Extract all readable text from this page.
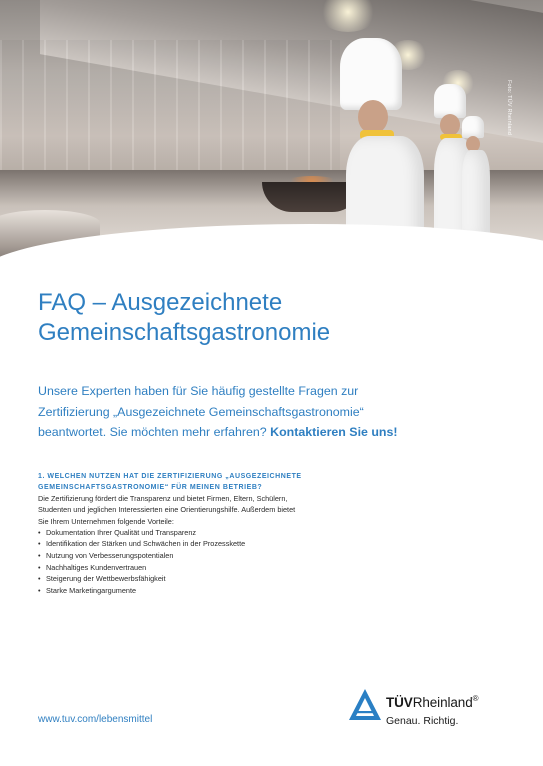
Foto: TÜV Rheinland
FAQ – Ausgezeichnete
Gemeinschaftsgastronomie
Unsere Experten haben für Sie häufig gestellte Fragen zur
Zertifizierung „Ausgezeichnete Gemeinschaftsgastronomie“
beantwortet. Sie möchten mehr erfahren? Kontaktieren Sie uns!
1. WELCHEN NUTZEN HAT DIE ZERTIFIZIERUNG „AUSGEZEICHNETE
GEMEINSCHAFTSGASTRONOMIE“ FÜR MEINEN BETRIEB?
Die Zertifizierung fördert die Transparenz und bietet Firmen, Eltern, Schülern,
Studenten und jeglichen Interessierten eine Orientierungshilfe. Außerdem bietet
Sie Ihrem Unternehmen folgende Vorteile:
• Dokumentation Ihrer Qualität und Transparenz
• Identifikation der Stärken und Schwächen in der Prozesskette
• Nutzung von Verbesserungspotentialen
• Nachhaltiges Kundenvertrauen
• Steigerung der Wettbewerbsfähigkeit
• Starke Marketingargumente
www.tuv.com/lebensmittel
TÜVRheinland®
Genau. Richtig.
